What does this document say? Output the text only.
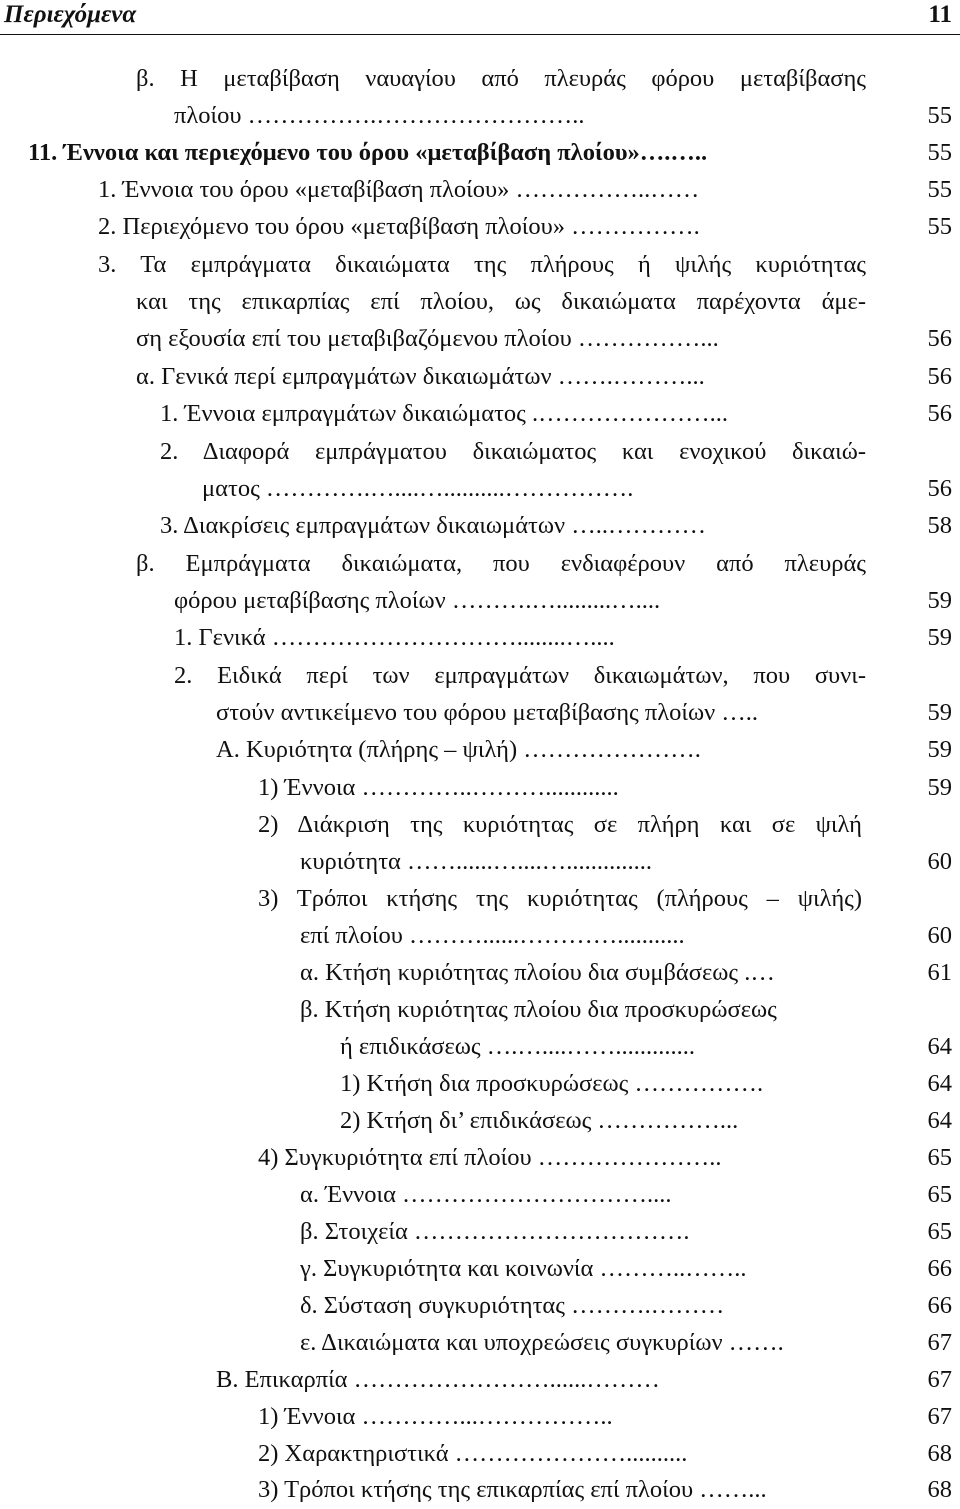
Περιεχόμενα	11
β. Η μεταβίβαση ναυαγίου από πλευράς φόρου μεταβίβασης
πλοίου …………….……………………..	55
11. Έννοια και περιεχόμενο του όρου «μεταβίβαση πλοίου»….…..	55
1. Έννοια του όρου «μεταβίβαση πλοίου» ……………..……	55
2. Περιεχόμενο του όρου «μεταβίβαση πλοίου» …………….	55
3. Τα εμπράγματα δικαιώματα της πλήρους ή ψιλής κυριότητας
και της επικαρπίας επί πλοίου, ως δικαιώματα παρέχοντα άμε-
ση εξουσία επί του μεταβιβαζόμενου πλοίου ……………...	56
α. Γενικά περί εμπραγμάτων δικαιωμάτων …….………...	56
1. Έννοια εμπραγμάτων δικαιώματος .…………………...	56
2. Διαφορά εμπράγματου δικαιώματος και ενοχικού δικαιώ-
ματος ………….…....…..........…………….	56
3. Διακρίσεις εμπραγμάτων δικαιωμάτων …..…………	58
β. Εμπράγματα δικαιώματα, που ενδιαφέρουν από πλευράς
φόρου μεταβίβασης πλοίων ……….….........…....	59
1. Γενικά …………………………........…....	59
2. Ειδικά περί των εμπραγμάτων δικαιωμάτων, που συνι-
στούν αντικείμενο του φόρου μεταβίβασης πλοίων …..	59
Α. Κυριότητα (πλήρης – ψιλή) ………………….	59
1) Έννοια …………..………............	59
2) Διάκριση της κυριότητας σε πλήρη και σε ψιλή
κυριότητα ……......…....…..............	60
3) Τρόποι κτήσης της κυριότητας (πλήρους – ψιλής)
επί πλοίου ………......…………...........	60
α. Κτήση κυριότητας πλοίου δια συμβάσεως .…	61
β. Κτήση κυριότητας πλοίου δια προσκυρώσεως
ή επιδικάσεως ….…....…….............	64
1) Κτήση δια προσκυρώσεως …………….	64
2) Κτήση δι’ επιδικάσεως ……………...	64
4) Συγκυριότητα επί πλοίου …………………..	65
α. Έννοια …………………………....	65
β. Στοιχεία …………………………….	65
γ. Συγκυριότητα και κοινωνία ………..……..	66
δ. Σύσταση συγκυριότητας ……….………	66
ε. Δικαιώματα και υποχρεώσεις συγκυρίων …….	67
Β. Επικαρπία ……………………......………	67
1) Έννοια …………...……………..	67
2) Χαρακτηριστικά …………………..........	68
3) Τρόποι κτήσης της επικαρπίας επί πλοίου ……...	68
